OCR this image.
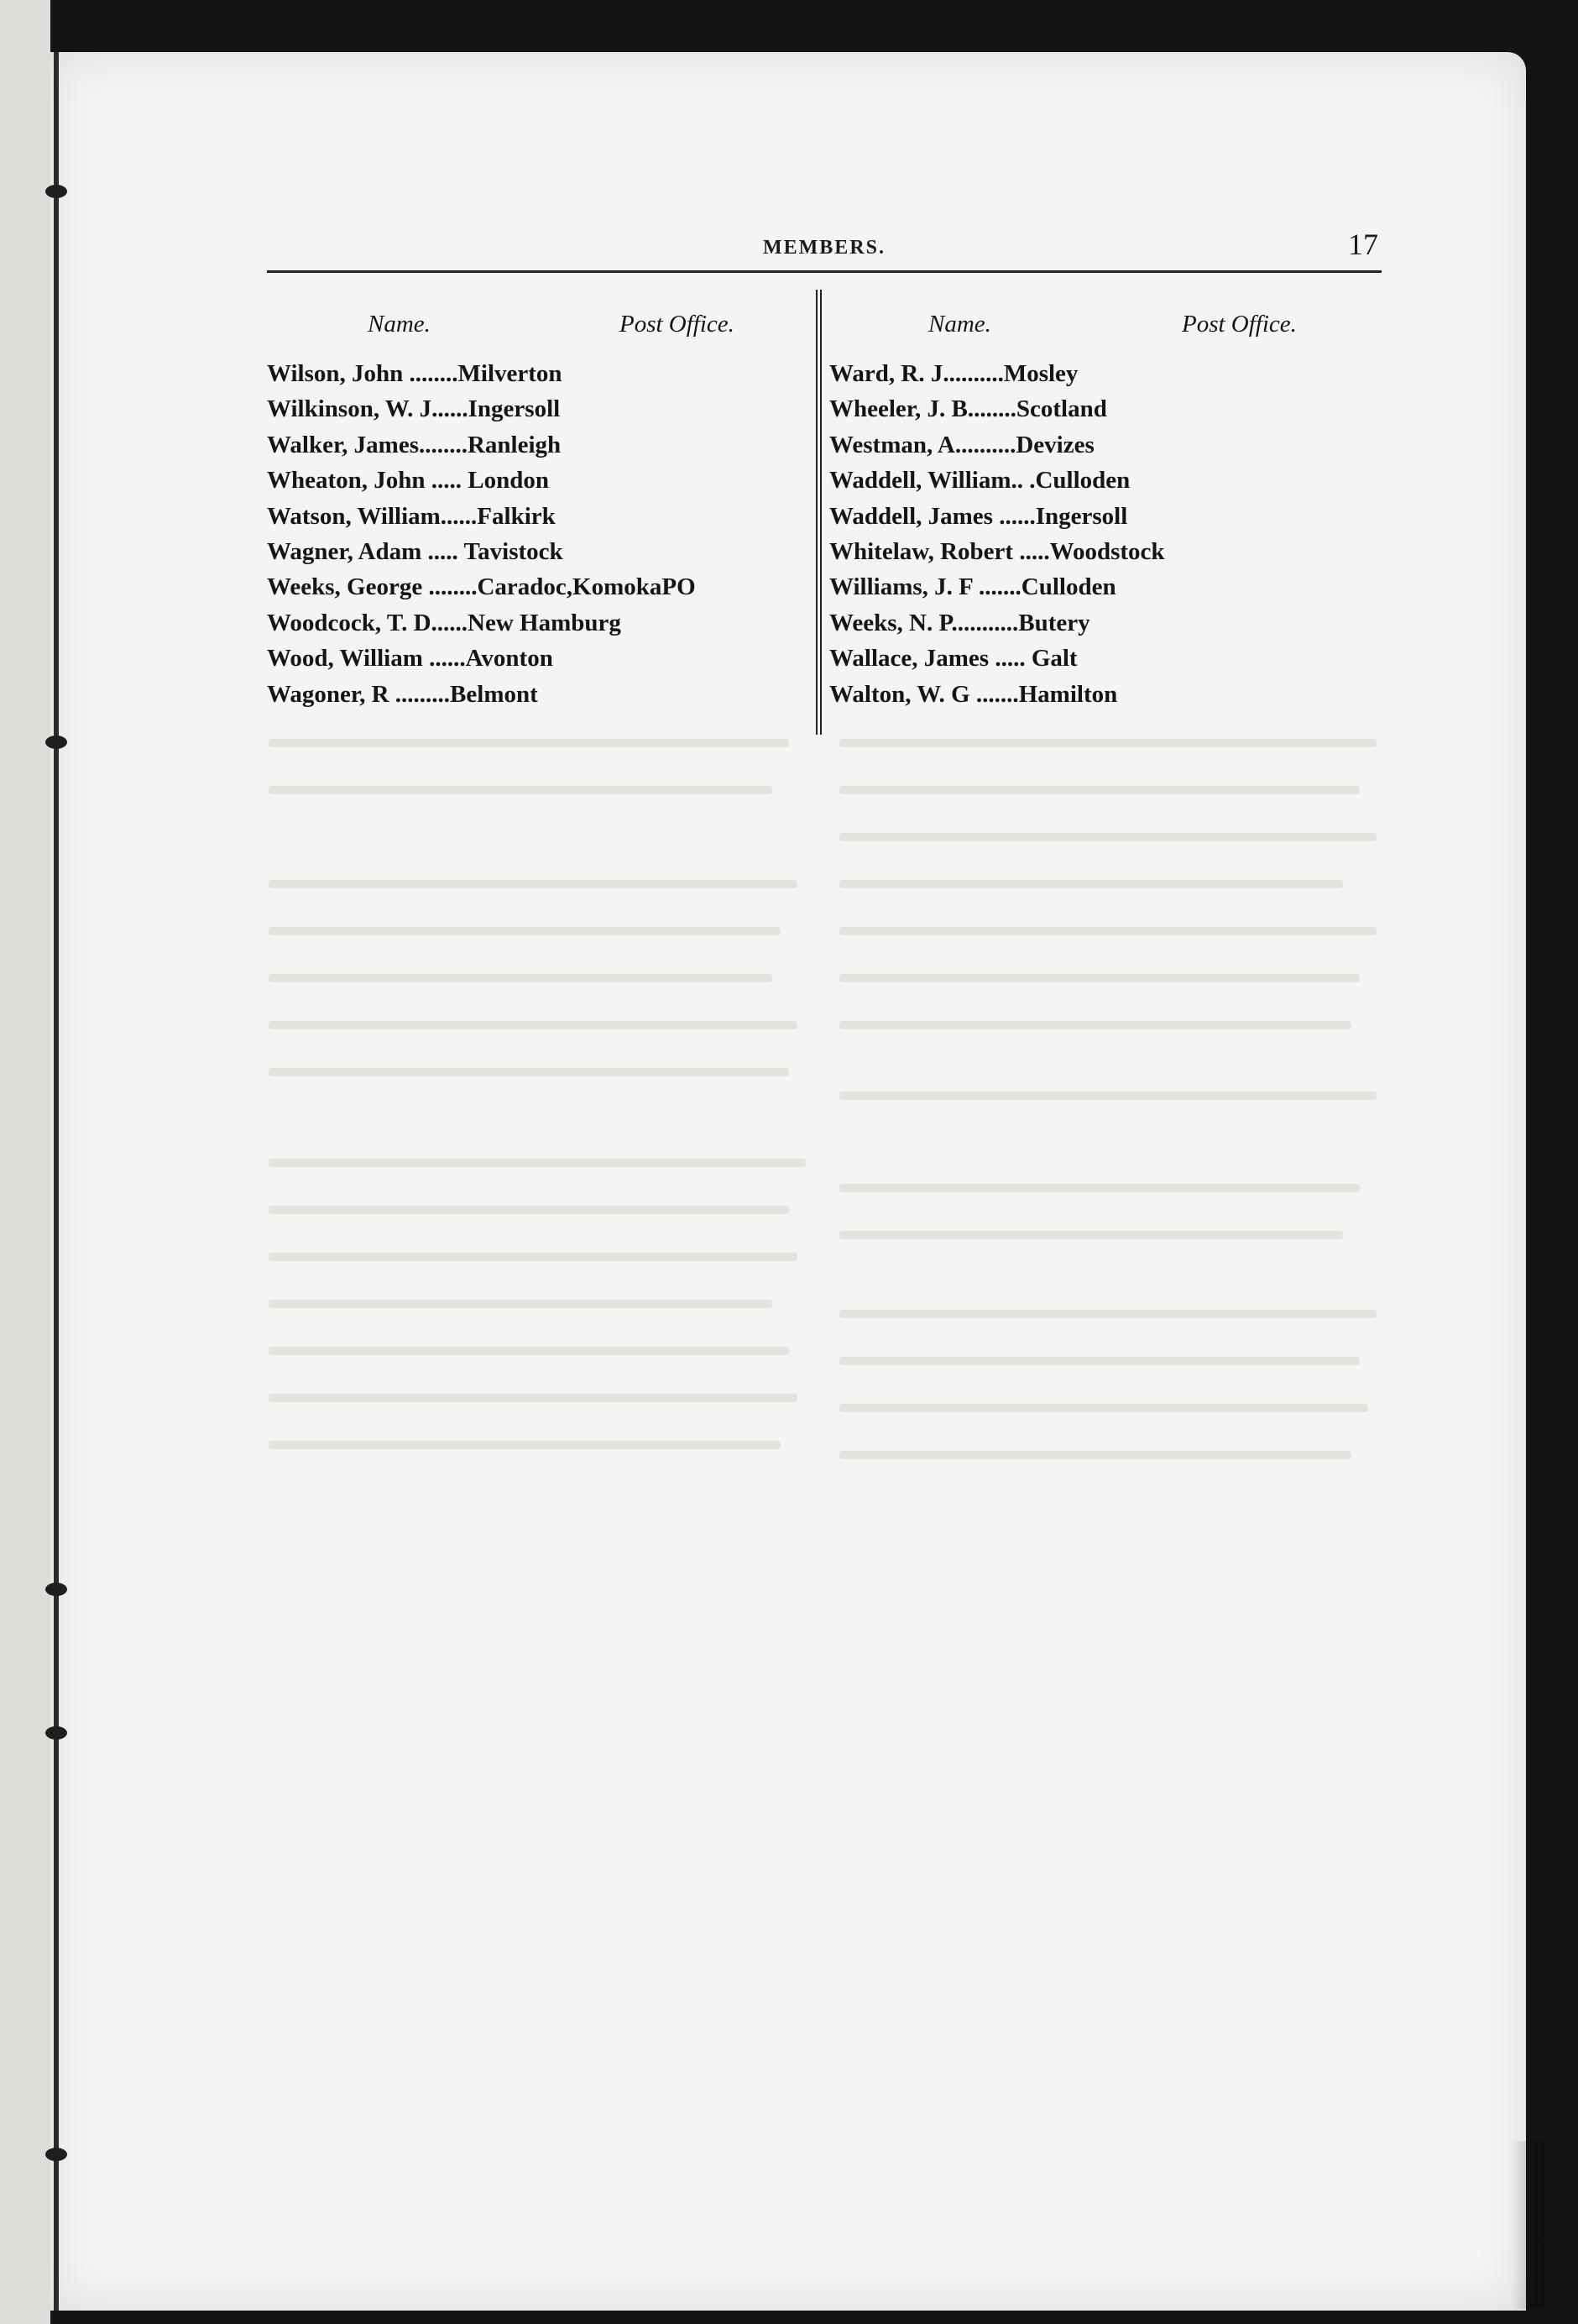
MEMBERS.	17
Name.	Post Office.
Wilson, John ........Milverton
Wilkinson, W. J......Ingersoll
Walker, James........Ranleigh
Wheaton, John ..... London
Watson, William......Falkirk
Wagner, Adam ..... Tavistock
Weeks, George ........Caradoc,KomokaPO
Woodcock, T. D......New Hamburg
Wood, William ......Avonton
Wagoner, R .........Belmont
Name.	Post Office.
Ward, R. J..........Mosley
Wheeler, J. B........Scotland
Westman, A..........Devizes
Waddell, William.. .Culloden
Waddell, James ......Ingersoll
Whitelaw, Robert .....Woodstock
Williams, J. F .......Culloden
Weeks, N. P...........Butery
Wallace, James ..... Galt
Walton, W. G .......Hamilton
